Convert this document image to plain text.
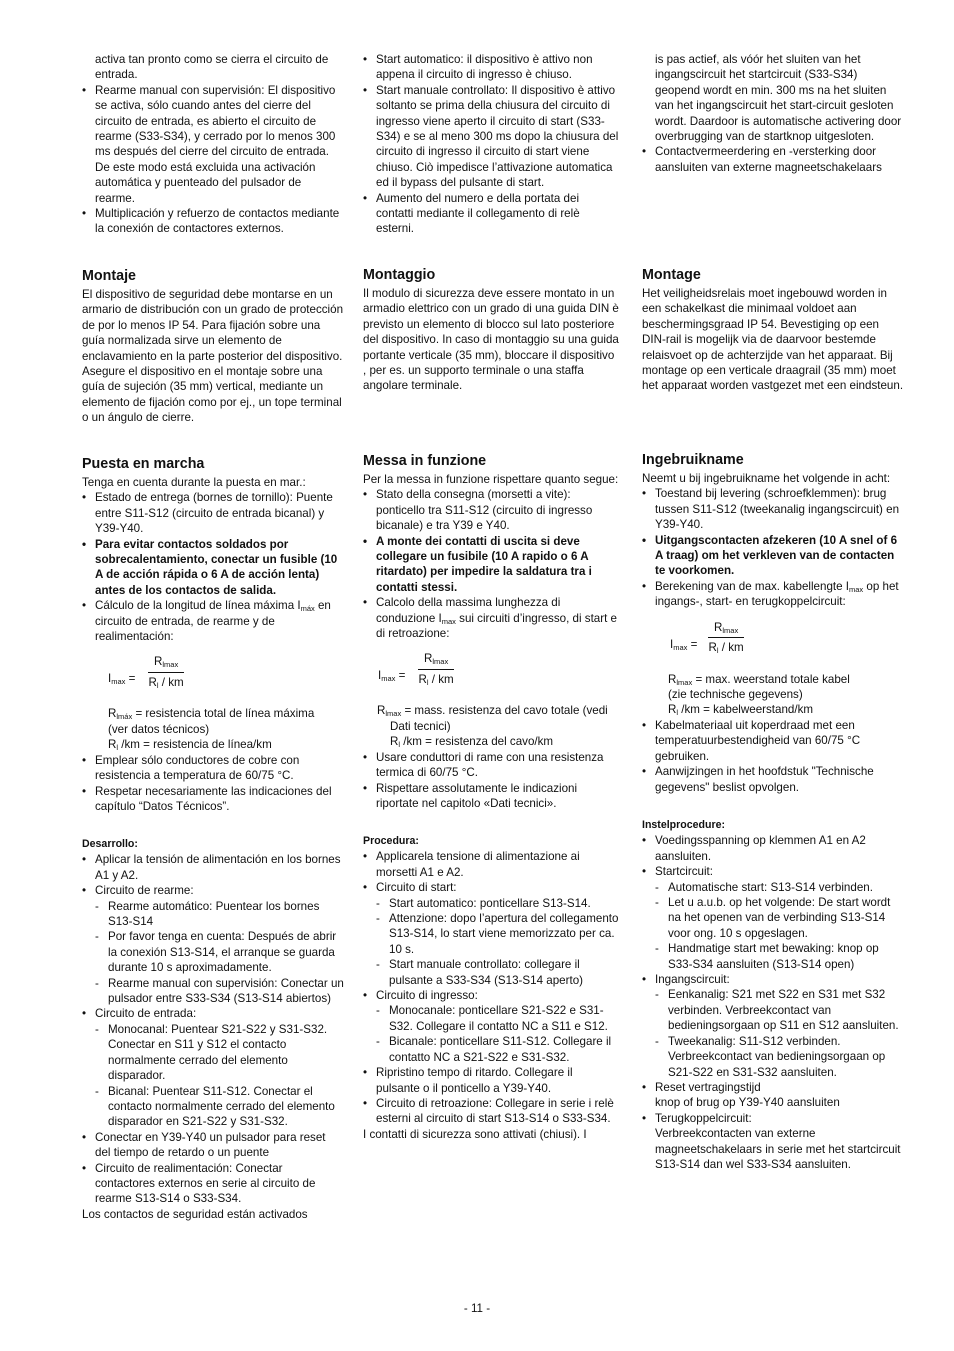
activa tan pronto como se cierra el circuito de entrada.

• Rearme manual con supervisión: El dispositivo se activa, sólo cuando antes del cierre del circuito de entrada, es abierto el circuito de rearme (S33-S34), y cerrado por lo menos 300 ms después del cierre del circuito de entrada. De este modo está excluida una activación automática y puenteado del pulsador de rearme.
• Multiplicación y refuerzo de contactos mediante la conexión de contactores externos.
Montaje

El dispositivo de seguridad debe montarse en un armario de distribución con un grado de protección de por lo menos IP 54. Para fijación sobre una guía normalizada sirve un elemento de enclavamiento en la parte posterior del dispositivo. Asegure el dispositivo en el montaje sobre una guía de sujeción (35 mm) vertical, mediante un elemento de fijación como por ej., un tope terminal o un ángulo de cierre.

Puesta en marcha

Tenga en cuenta durante la puesta en mar.:

• Estado de entrega (bornes de tornillo): Puente entre S11-S12 (circuito de entrada bicanal) y Y39-Y40.
• Para evitar contactos soldados por sobrecalentamiento, conectar un fusible (10 A de acción rápida o 6 A de acción lenta) antes de los contactos de salida.
• Cálculo de la longitud de línea máxima $I_{máx}$ en circuito de entrada, de rearme y de realimentación:
$I_{max}$ =
$R_{lmax}$
$R_l$ / km

$R_{lmáx}$ = resistencia total de línea máxima

(ver datos técnicos)

$R_l$ /km = resistencia de línea/km

• Emplear sólo conductores de cobre con resistencia a temperatura de 60/75 °C.
• Respetar necesariamente las indicaciones del capítulo “Datos Técnicos”.
Desarrollo:
• Aplicar la tensión de alimentación en los bornes A1 y A2.
• Circuito de rearme:
- Rearme automático: Puentear los bornes S13-S14
- Por favor tenga en cuenta: Después de abrir la conexión S13-S14, el arranque se guarda durante 10 s aproximadamente.
- Rearme manual con supervisión: Conectar un pulsador entre S33-S34 (S13-S14 abiertos)
• Circuito de entrada:
- Monocanal: Puentear S21-S22 y S31-S32. Conectar en S11 y S12 el contacto normalmente cerrado del elemento disparador.
- Bicanal: Puentear S11-S12. Conectar el contacto normalmente cerrado del elemento disparador en S21-S22 y S31-S32.
• Conectar en Y39-Y40 un pulsador para reset del tiempo de retardo o un puente
• Circuito de realimentación: Conectar contactores externos en serie al circuito de rearme S13-S14 o S33-S34.

Los contactos de seguridad están activados

• Start automatico: il dispositivo è attivo non appena il circuito di ingresso è chiuso.
• Start manuale controllato: Il dispositivo è attivo soltanto se prima della chiusura del circuito di ingresso viene aperto il circuito di start (S33-S34) e se al meno 300 ms dopo la chiusura del circuito di ingresso il circuito di start viene chiuso. Ciò impedisce l’attivazione automatica ed il bypass del pulsante di start.
• Aumento del numero e della portata dei contatti mediante il collegamento di relè esterni.
Montaggio

Il modulo di sicurezza deve essere montato in un armadio elettrico con un grado di una guida DIN è previsto un elemento di blocco sul lato posteriore del dispositivo. In caso di montaggio su una guida portante verticale (35 mm), bloccare il dispositivo , per es. un supporto terminale o una staffa angolare terminale.

Messa in funzione

Per la messa in funzione rispettare quanto segue:

• Stato della consegna (morsetti a vite): ponticello tra S11-S12 (circuito di ingresso bicanale) e tra Y39 e Y40.
• A monte dei contatti di uscita si deve collegare un fusibile (10 A rapido o 6 A ritardato) per impedire la saldatura tra i contatti stessi.
• Calcolo della massima lunghezza di conduzione $I_{max}$ sui circuiti d’ingresso, di start e di retroazione:
$I_{max}$ =
$R_{lmax}$
$R_l$ / km

$R_{lmax}$ = mass. resistenza del cavo totale (vedi

Dati tecnici)

$R_l$ /km = resistenza del cavo/km

• Usare conduttori di rame con una resistenza termica di 60/75 °C.
• Rispettare assolutamente le indicazioni riportate nel capitolo «Dati tecnici».
Procedura:
• Applicarela tensione di alimentazione ai morsetti A1 e A2.
• Circuito di start:
- Start automatico: ponticellare S13-S14.
- Attenzione: dopo l’apertura del collegamento S13-S14, lo start viene memorizzato per ca. 10 s.
- Start manuale controllato: collegare il pulsante a S33-S34 (S13-S14 aperto)
• Circuito di ingresso:
- Monocanale: ponticellare S21-S22 e S31-S32. Collegare il contatto NC a S11 e S12.
- Bicanale: ponticellare S11-S12. Collegare il contatto NC a S21-S22 e S31-S32.
• Ripristino tempo di ritardo. Collegare il pulsante o il ponticello a Y39-Y40.
• Circuito di retroazione: Collegare in serie i relè esterni al circuito di start S13-S14 o S33-S34.

I contatti di sicurezza sono attivati (chiusi). I

is pas actief, als vóór het sluiten van het ingangscircuit het startcircuit (S33-S34) geopend wordt en min. 300 ms na het sluiten van het ingangscircuit het start-circuit gesloten wordt. Daardoor is automatische activering door overbrugging van de startknop uitgesloten.

• Contactvermeerdering en -versterking door aansluiten van externe magneetschakelaars
Montage

Het veiligheidsrelais moet ingebouwd worden in een schakelkast die minimaal voldoet aan beschermingsgraad IP 54. Bevestiging op een DIN-rail is mogelijk via de daarvoor bestemde relaisvoet op de achterzijde van het apparaat. Bij montage op een verticale draagrail (35 mm) moet het apparaat worden vastgezet met een eindsteun.

Ingebruikname

Neemt u bij ingebruikname het volgende in acht:

• Toestand bij levering (schroefklemmen): brug tussen S11-S12 (tweekanalig ingangscircuit) en Y39-Y40.
• Uitgangscontacten afzekeren (10 A snel of 6 A traag) om het verkleven van de contacten te voorkomen.
• Berekening van de max. kabellengte $I_{max}$ op het ingangs-, start- en terugkoppelcircuit:
$I_{max}$ =
$R_{lmax}$
$R_l$ / km

$R_{lmax} = \max$. weerstand totale kabel

(zie technische gegevens)

$R_l$ /km = kabelweerstand/km

• Kabelmateriaal uit koperdraad met een temperatuurbestendigheid van 60/75 °C gebruiken.
• Aanwijzingen in het hoofdstuk "Technische gegevens" beslist opvolgen.
Instelprocedure:
• Voedingsspanning op klemmen A1 en A2 aansluiten.
• Startcircuit:
- Automatische start: S13-S14 verbinden.
- Let u a.u.b. op het volgende: De start wordt na het openen van de verbinding S13-S14 voor ong. 10 s opgeslagen.
- Handmatige start met bewaking: knop op S33-S34 aansluiten (S13-S14 open)
• Ingangscircuit:
- Eenkanalig: S21 met S22 en S31 met S32 verbinden. Verbreekcontact van bedieningsorgaan op S11 en S12 aansluiten.
- Tweekanalig: S11-S12 verbinden. Verbreekcontact van bedieningsorgaan op S21-S22 en S31-S32 aansluiten.
• Reset vertragingstijd
knop of brug op Y39-Y40 aansluiten
• Terugkoppelcircuit:
Verbreekcontacten van externe magneetschakelaars in serie met het startcircuit S13-S14 dan wel S33-S34 aansluiten.
- 11 -
